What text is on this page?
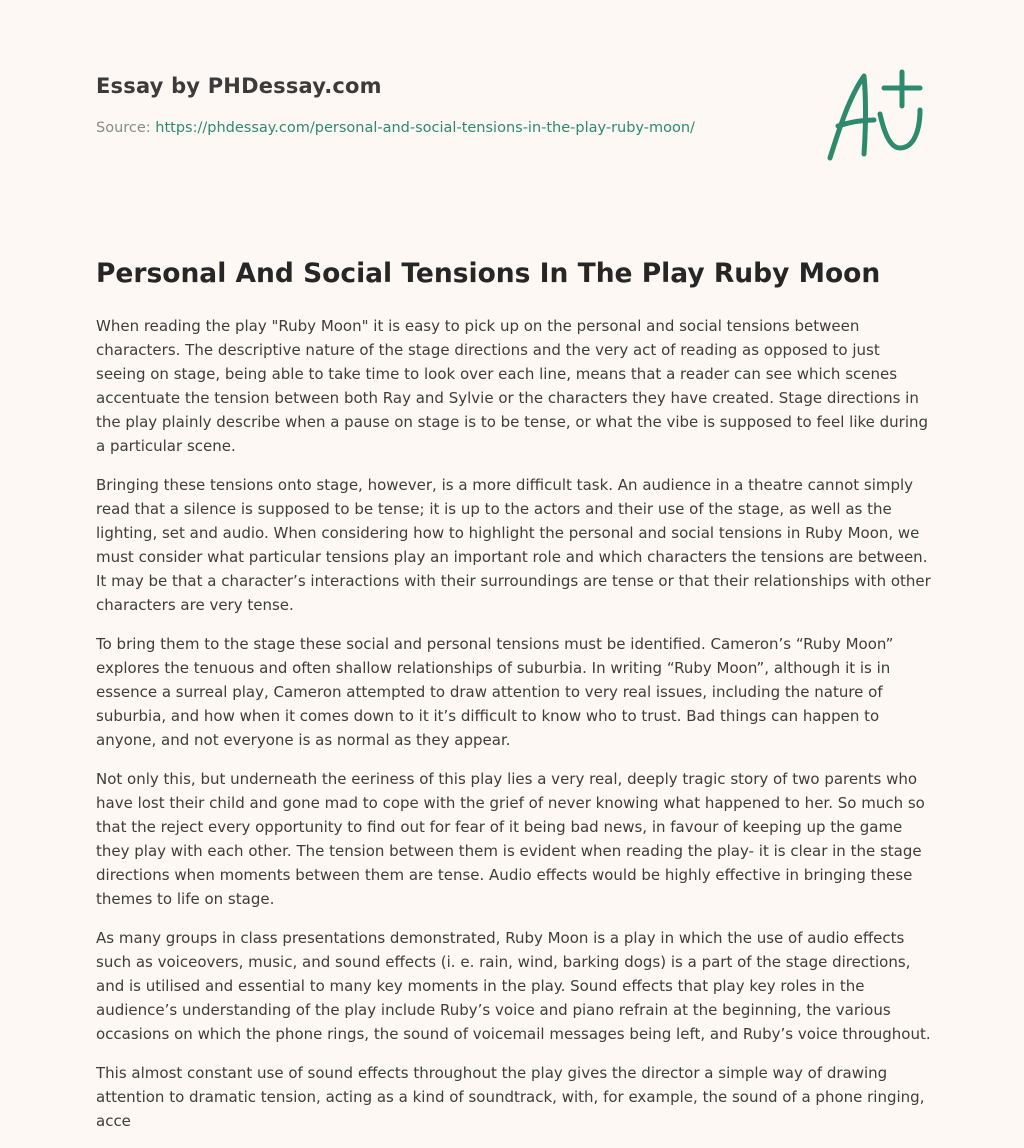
Essay by PHDessay.com
Source: https://phdessay.com/personal-and-social-tensions-in-the-play-ruby-moon/
Personal And Social Tensions In The Play Ruby Moon

When reading the play "Ruby Moon" it is easy to pick up on the personal and social tensions between characters. The descriptive nature of the stage directions and the very act of reading as opposed to just seeing on stage, being able to take time to look over each line, means that a reader can see which scenes accentuate the tension between both Ray and Sylvie or the characters they have created. Stage directions in the play plainly describe when a pause on stage is to be tense, or what the vibe is supposed to feel like during a particular scene.

Bringing these tensions onto stage, however, is a more difficult task. An audience in a theatre cannot simply read that a silence is supposed to be tense; it is up to the actors and their use of the stage, as well as the lighting, set and audio. When considering how to highlight the personal and social tensions in Ruby Moon, we must consider what particular tensions play an important role and which characters the tensions are between. It may be that a character’s interactions with their surroundings are tense or that their relationships with other characters are very tense.

To bring them to the stage these social and personal tensions must be identified. Cameron’s “Ruby Moon” explores the tenuous and often shallow relationships of suburbia. In writing “Ruby Moon”, although it is in essence a surreal play, Cameron attempted to draw attention to very real issues, including the nature of suburbia, and how when it comes down to it it’s difficult to know who to trust. Bad things can happen to anyone, and not everyone is as normal as they appear.

Not only this, but underneath the eeriness of this play lies a very real, deeply tragic story of two parents who have lost their child and gone mad to cope with the grief of never knowing what happened to her. So much so that the reject every opportunity to find out for fear of it being bad news, in favour of keeping up the game they play with each other. The tension between them is evident when reading the play- it is clear in the stage directions when moments between them are tense. Audio effects would be highly effective in bringing these themes to life on stage.

As many groups in class presentations demonstrated, Ruby Moon is a play in which the use of audio effects such as voiceovers, music, and sound effects (i. e. rain, wind, barking dogs) is a part of the stage directions, and is utilised and essential to many key moments in the play. Sound effects that play key roles in the audience’s understanding of the play include Ruby’s voice and piano refrain at the beginning, the various occasions on which the phone rings, the sound of voicemail messages being left, and Ruby’s voice throughout.

This almost constant use of sound effects throughout the play gives the director a simple way of drawing attention to dramatic tension, acting as a kind of soundtrack, with, for example, the sound of a phone ringing, acce
